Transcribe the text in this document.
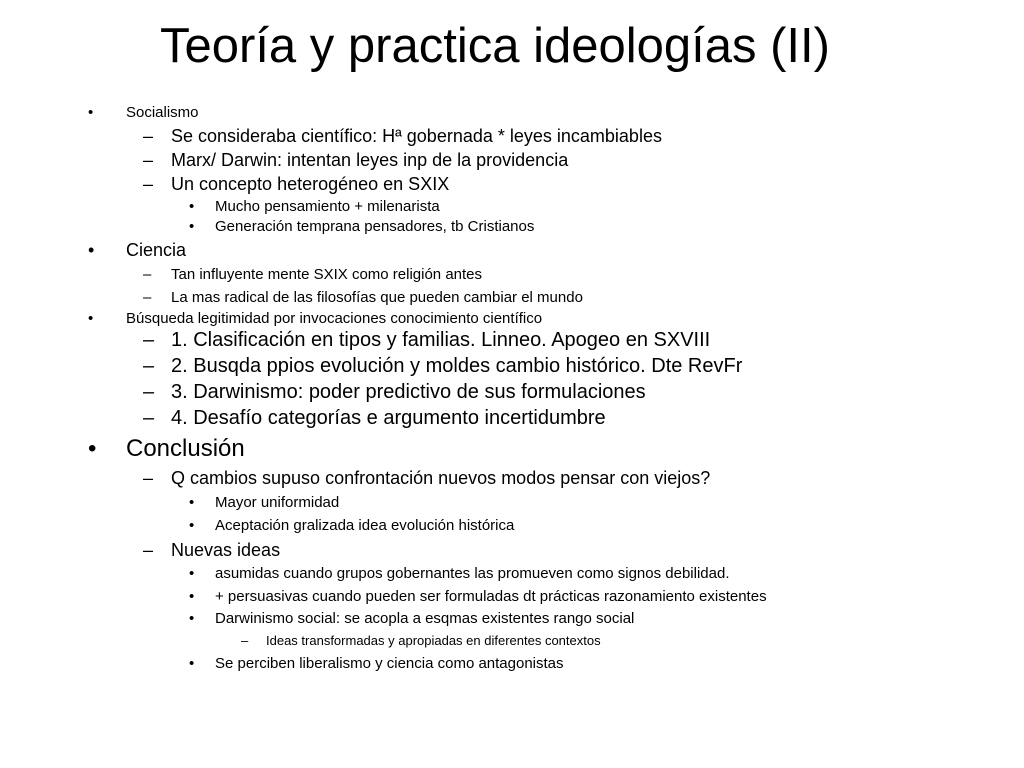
Teoría y practica ideologías (II)
• Socialismo
– Se consideraba científico: Hª gobernada * leyes incambiables
– Marx/ Darwin: intentan leyes inp de la providencia
– Un concepto heterogéneo en SXIX
• Mucho pensamiento + milenarista
• Generación temprana pensadores, tb Cristianos
• Ciencia
– Tan influyente mente SXIX como religión antes
– La mas radical de las filosofías que pueden cambiar el mundo
• Búsqueda legitimidad por invocaciones conocimiento científico
– 1. Clasificación en tipos y familias. Linneo. Apogeo en SXVIII
– 2. Busqda ppios evolución y moldes cambio histórico. Dte RevFr
– 3. Darwinismo: poder predictivo de sus formulaciones
– 4. Desafío categorías e argumento incertidumbre
• Conclusión
– Q cambios supuso confrontación nuevos modos pensar con viejos?
• Mayor uniformidad
• Aceptación gralizada idea evolución histórica
– Nuevas ideas
• asumidas cuando grupos gobernantes las promueven como signos debilidad.
• + persuasivas cuando pueden ser formuladas dt prácticas razonamiento existentes
• Darwinismo social: se acopla a esqmas existentes rango social
– Ideas transformadas y apropiadas en diferentes contextos
• Se perciben liberalismo y ciencia como antagonistas
